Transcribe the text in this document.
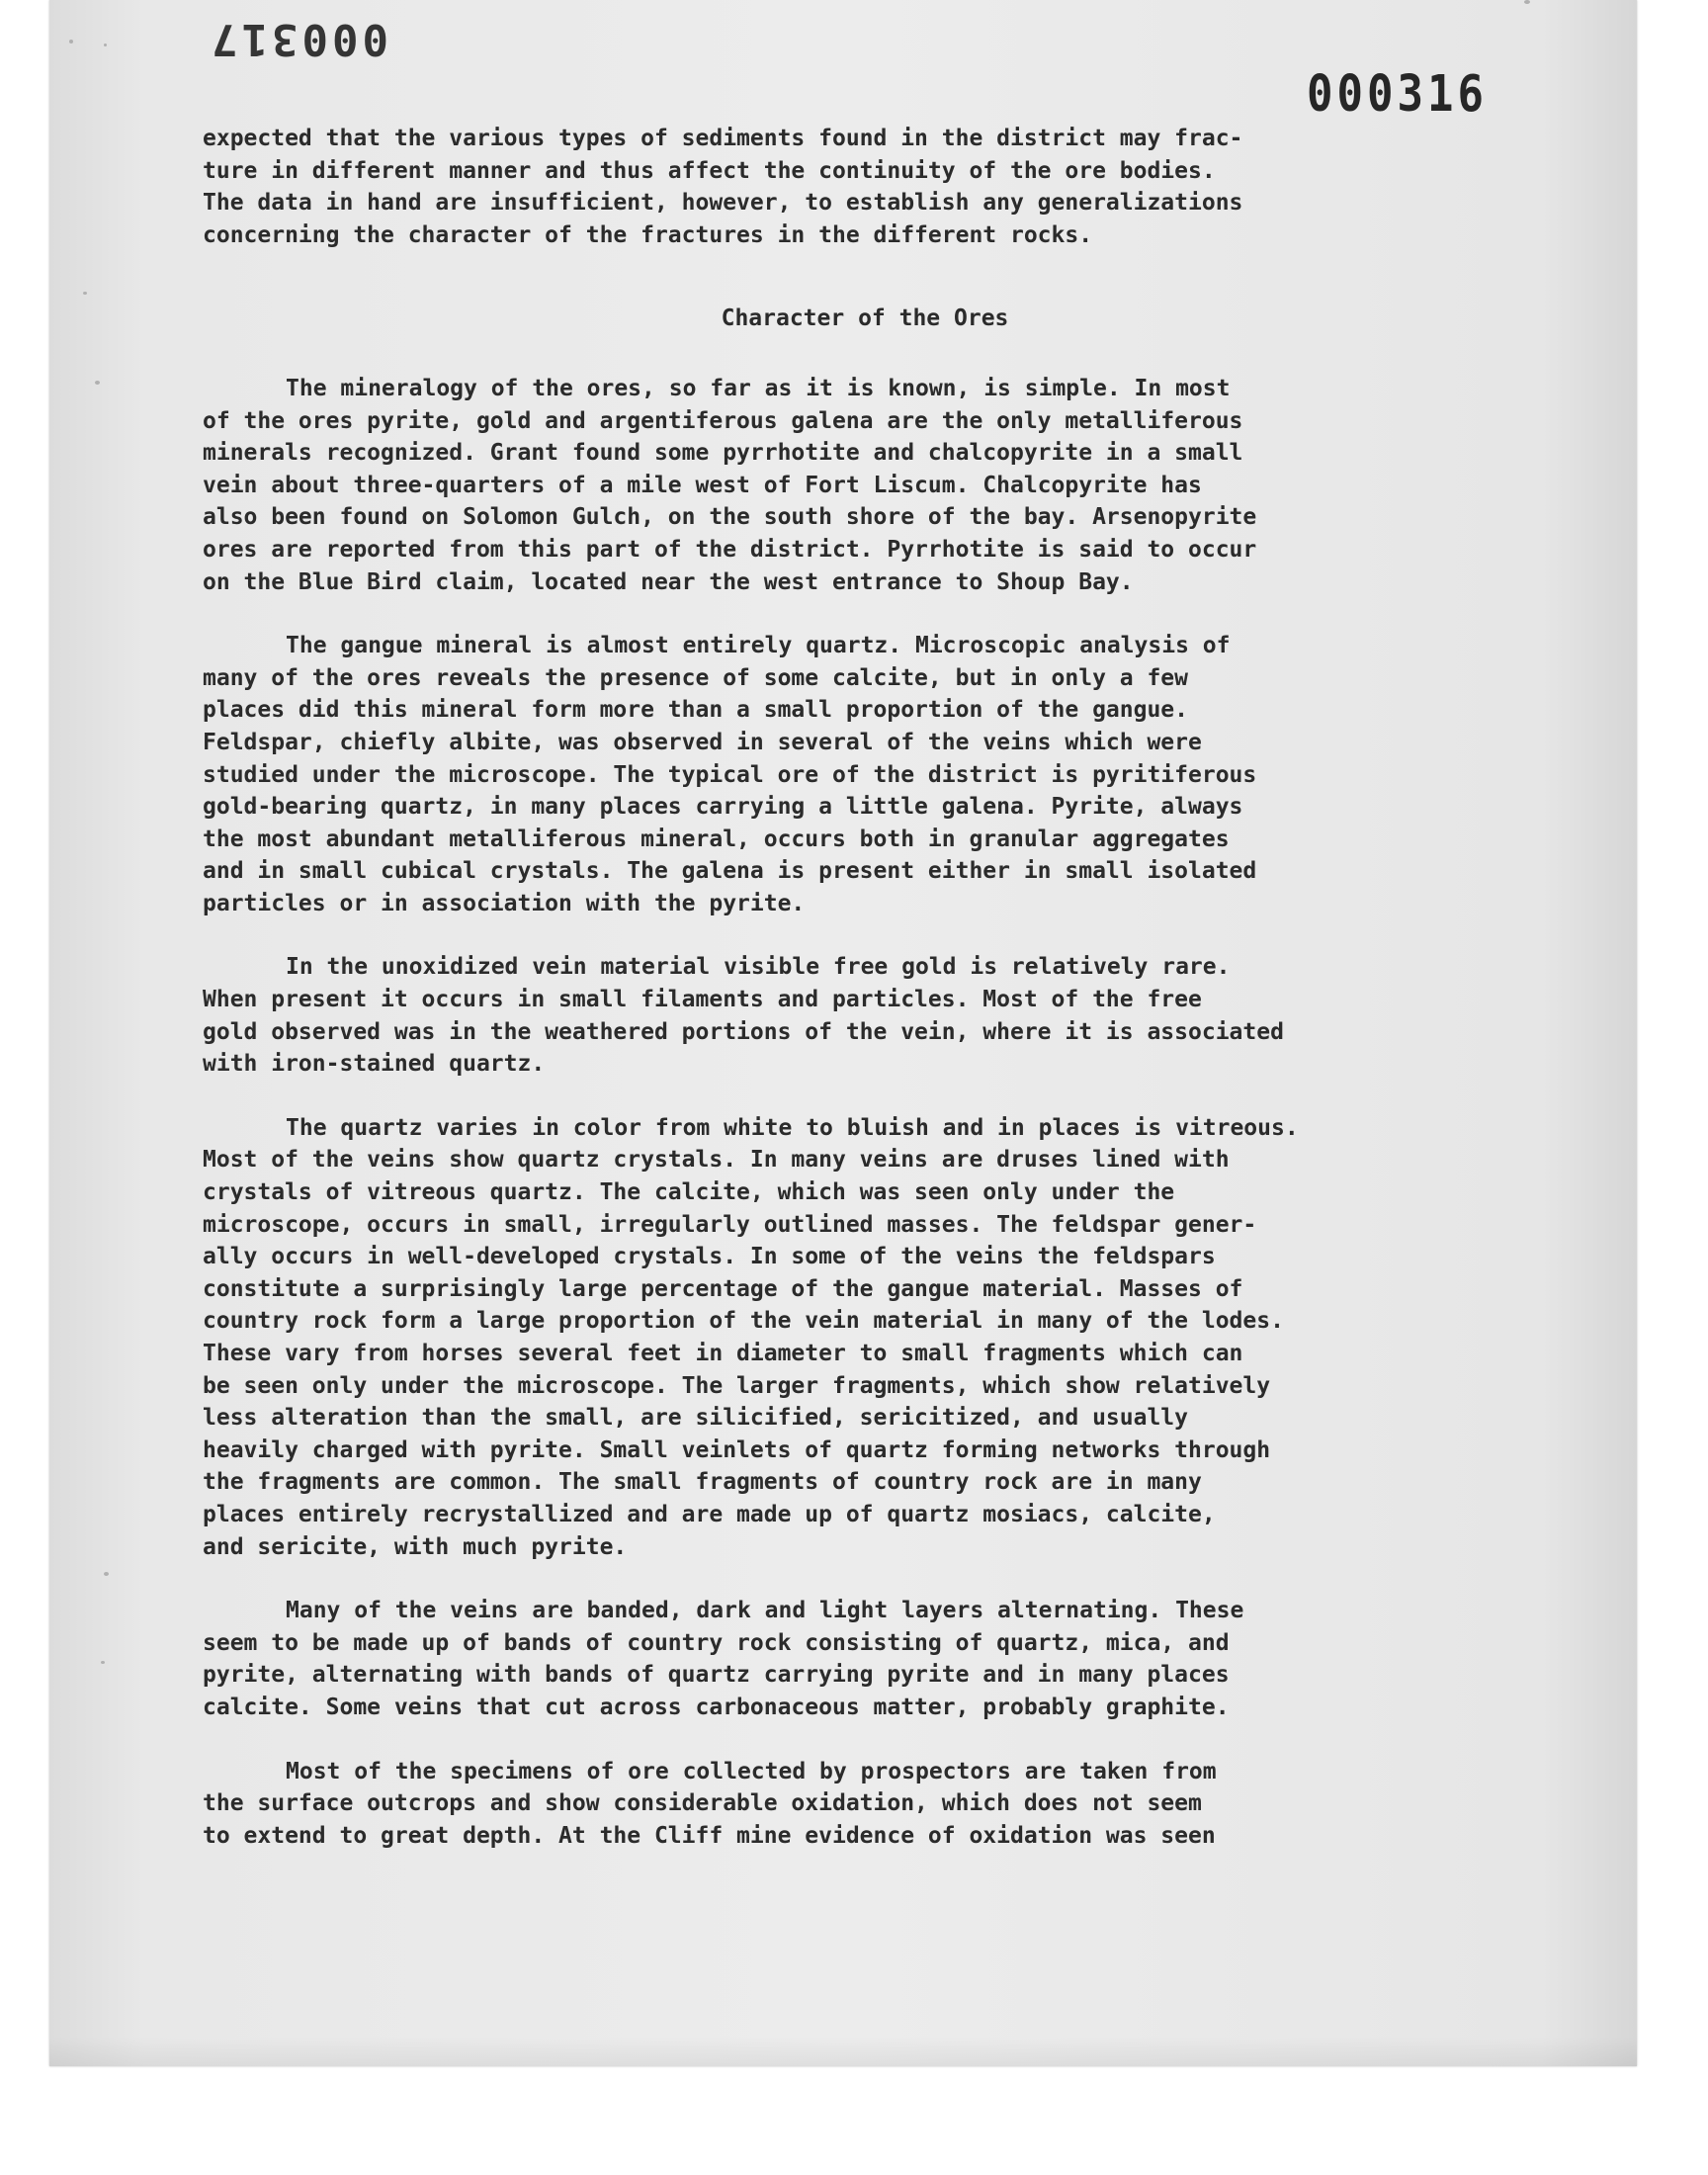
000317
000316

expected that the various types of sediments found in the district may frac-
ture in different manner and thus affect the continuity of the ore bodies.
The data in hand are insufficient, however, to establish any generalizations
concerning the character of the fractures in the different rocks.

Character of the Ores

The mineralogy of the ores, so far as it is known, is simple. In most
of the ores pyrite, gold and argentiferous galena are the only metalliferous
minerals recognized. Grant found some pyrrhotite and chalcopyrite in a small
vein about three-quarters of a mile west of Fort Liscum. Chalcopyrite has
also been found on Solomon Gulch, on the south shore of the bay. Arsenopyrite
ores are reported from this part of the district. Pyrrhotite is said to occur
on the Blue Bird claim, located near the west entrance to Shoup Bay.

The gangue mineral is almost entirely quartz. Microscopic analysis of
many of the ores reveals the presence of some calcite, but in only a few
places did this mineral form more than a small proportion of the gangue.
Feldspar, chiefly albite, was observed in several of the veins which were
studied under the microscope. The typical ore of the district is pyritiferous
gold-bearing quartz, in many places carrying a little galena. Pyrite, always
the most abundant metalliferous mineral, occurs both in granular aggregates
and in small cubical crystals. The galena is present either in small isolated
particles or in association with the pyrite.

In the unoxidized vein material visible free gold is relatively rare.
When present it occurs in small filaments and particles. Most of the free
gold observed was in the weathered portions of the vein, where it is associated
with iron-stained quartz.

The quartz varies in color from white to bluish and in places is vitreous.
Most of the veins show quartz crystals. In many veins are druses lined with
crystals of vitreous quartz. The calcite, which was seen only under the
microscope, occurs in small, irregularly outlined masses. The feldspar gener-
ally occurs in well-developed crystals. In some of the veins the feldspars
constitute a surprisingly large percentage of the gangue material. Masses of
country rock form a large proportion of the vein material in many of the lodes.
These vary from horses several feet in diameter to small fragments which can
be seen only under the microscope. The larger fragments, which show relatively
less alteration than the small, are silicified, sericitized, and usually
heavily charged with pyrite. Small veinlets of quartz forming networks through
the fragments are common. The small fragments of country rock are in many
places entirely recrystallized and are made up of quartz mosiacs, calcite,
and sericite, with much pyrite.

Many of the veins are banded, dark and light layers alternating. These
seem to be made up of bands of country rock consisting of quartz, mica, and
pyrite, alternating with bands of quartz carrying pyrite and in many places
calcite. Some veins that cut across carbonaceous matter, probably graphite.

Most of the specimens of ore collected by prospectors are taken from
the surface outcrops and show considerable oxidation, which does not seem
to extend to great depth. At the Cliff mine evidence of oxidation was seen
